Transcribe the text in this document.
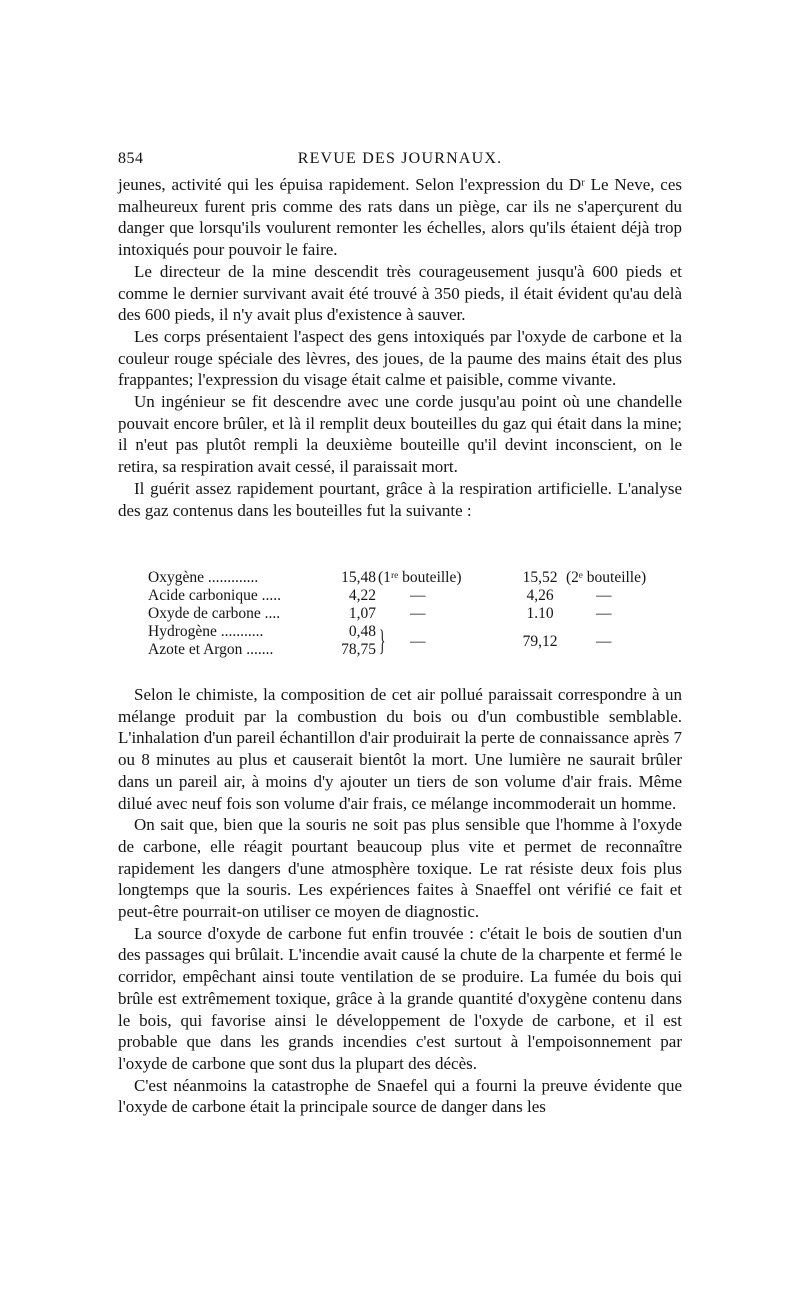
854	REVUE DES JOURNAUX.

jeunes, activité qui les épuisa rapidement. Selon l'expression du Dʳ Le Neve, ces malheureux furent pris comme des rats dans un piège, car ils ne s'aperçurent du danger que lorsqu'ils voulurent remonter les échelles, alors qu'ils étaient déjà trop intoxiqués pour pouvoir le faire.

Le directeur de la mine descendit très courageusement jusqu'à 600 pieds et comme le dernier survivant avait été trouvé à 350 pieds, il était évident qu'au delà des 600 pieds, il n'y avait plus d'existence à sauver.

Les corps présentaient l'aspect des gens intoxiqués par l'oxyde de carbone et la couleur rouge spéciale des lèvres, des joues, de la paume des mains était des plus frappantes; l'expression du visage était calme et paisible, comme vivante.

Un ingénieur se fit descendre avec une corde jusqu'au point où une chandelle pouvait encore brûler, et là il remplit deux bouteilles du gaz qui était dans la mine; il n'eut pas plutôt rempli la deuxième bouteille qu'il devint inconscient, on le retira, sa respiration avait cessé, il paraissait mort.

Il guérit assez rapidement pourtant, grâce à la respiration artificielle. L'analyse des gaz contenus dans les bouteilles fut la suivante :

Oxygène .............	15,48 (1ʳᵉ bouteille)	15,52 (2ᵉ bouteille)
Acide carbonique .....	4,22 —	4,26	—
Oxyde de carbone ....	1,07 —	1.10	—
Hydrogène ...........	0,48
Azote et Argon .......	78,75 } —	79,12	—

Selon le chimiste, la composition de cet air pollué paraissait correspondre à un mélange produit par la combustion du bois ou d'un combustible semblable. L'inhalation d'un pareil échantillon d'air produirait la perte de connaissance après 7 ou 8 minutes au plus et causerait bientôt la mort. Une lumière ne saurait brûler dans un pareil air, à moins d'y ajouter un tiers de son volume d'air frais. Même dilué avec neuf fois son volume d'air frais, ce mélange incommoderait un homme.

On sait que, bien que la souris ne soit pas plus sensible que l'homme à l'oxyde de carbone, elle réagit pourtant beaucoup plus vite et permet de reconnaître rapidement les dangers d'une atmosphère toxique. Le rat résiste deux fois plus longtemps que la souris. Les expériences faites à Snaeffel ont vérifié ce fait et peut-être pourrait-on utiliser ce moyen de diagnostic.

La source d'oxyde de carbone fut enfin trouvée : c'était le bois de soutien d'un des passages qui brûlait. L'incendie avait causé la chute de la charpente et fermé le corridor, empêchant ainsi toute ventilation de se produire. La fumée du bois qui brûle est extrêmement toxique, grâce à la grande quantité d'oxygène contenu dans le bois, qui favorise ainsi le développement de l'oxyde de carbone, et il est probable que dans les grands incendies c'est surtout à l'empoisonnement par l'oxyde de carbone que sont dus la plupart des décès.

C'est néanmoins la catastrophe de Snaefel qui a fourni la preuve évidente que l'oxyde de carbone était la principale source de danger dans les
